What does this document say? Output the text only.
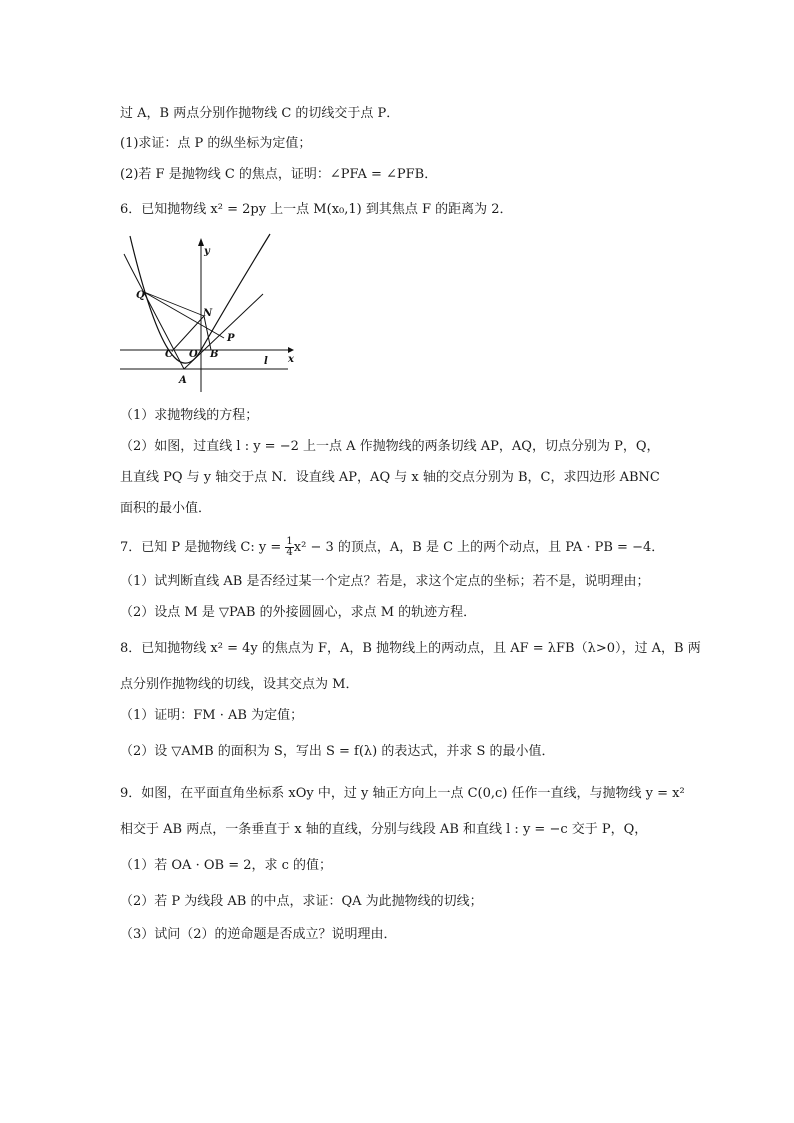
过 A，B 两点分别作抛物线 C 的切线交于点 P．
(1)求证：点 P 的纵坐标为定值；
(2)若 F 是抛物线 C 的焦点，证明：∠PFA = ∠PFB．
6．已知抛物线 x² = 2py 上一点 M(x₀,1) 到其焦点 F 的距离为 2．
y
x
Q
N
P
C O B
A
l
（1）求抛物线的方程；
（2）如图，过直线 l : y = −2 上一点 A 作抛物线的两条切线 AP，AQ，切点分别为 P，Q，
且直线 PQ 与 y 轴交于点 N．设直线 AP，AQ 与 x 轴的交点分别为 B，C，求四边形 ABNC
面积的最小值．
7．已知 P 是抛物线 C: $y = \frac{1}{4} x^2 - 3$ 的顶点，A，B 是 C 上的两个动点，且 PA · PB = −4．
（1）试判断直线 AB 是否经过某一个定点？若是，求这个定点的坐标；若不是，说明理由；
（2）设点 M 是 ▽PAB 的外接圆圆心，求点 M 的轨迹方程．
8．已知抛物线 x² = 4y 的焦点为 F，A，B 抛物线上的两动点，且 AF = λFB（λ>0），过 A，B 两
点分别作抛物线的切线，设其交点为 M．
（1）证明：FM · AB 为定值；
（2）设 ▽AMB 的面积为 S，写出 S = f(λ) 的表达式，并求 S 的最小值．
9．如图，在平面直角坐标系 xOy 中，过 y 轴正方向上一点 C(0,c) 任作一直线，与抛物线 y = x²
相交于 AB 两点，一条垂直于 x 轴的直线，分别与线段 AB 和直线 l : y = −c 交于 P，Q，
（1）若 OA · OB = 2，求 c 的值；
（2）若 P 为线段 AB 的中点，求证：QA 为此抛物线的切线；
（3）试问（2）的逆命题是否成立？说明理由．
